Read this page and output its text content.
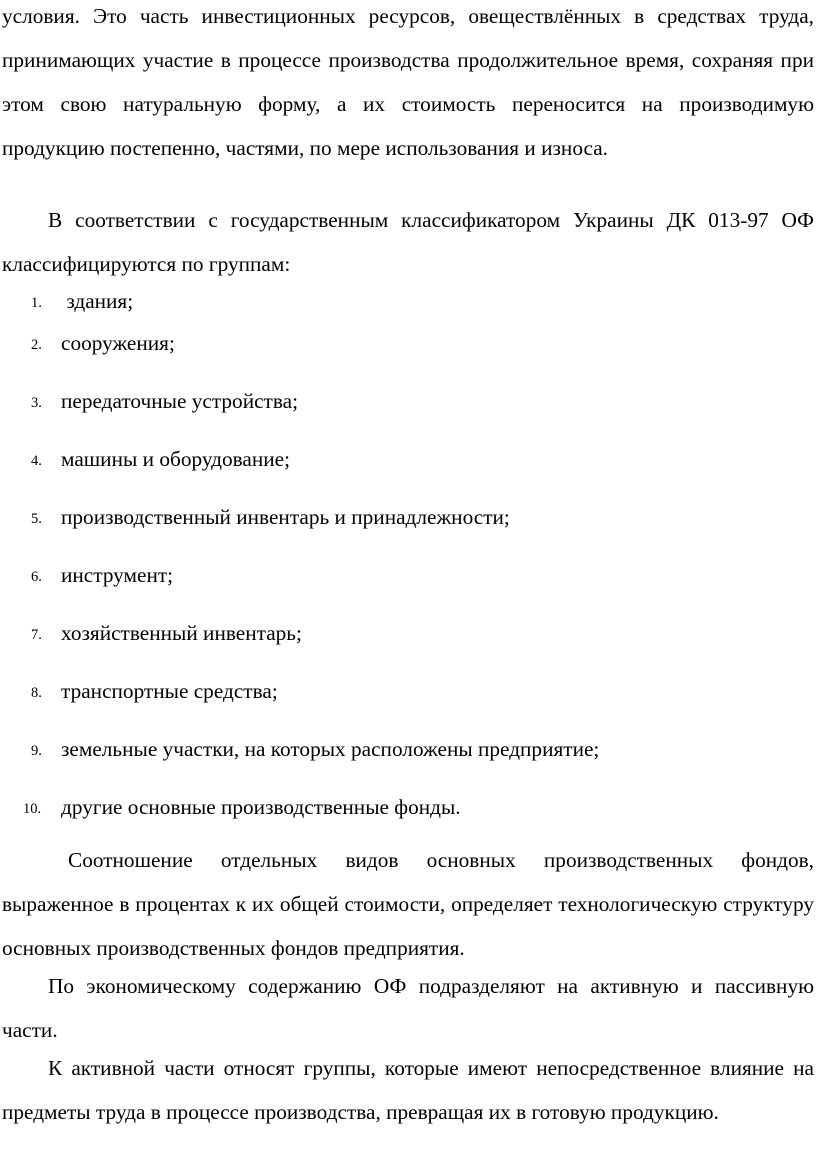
условия. Это часть инвестиционных ресурсов, овеществлённых в средствах труда, принимающих участие в процессе производства продолжительное время, сохраняя при этом свою натуральную форму, а их стоимость переносится на производимую продукцию постепенно, частями, по мере использования и износа.

В соответствии с государственным классификатором Украины ДК 013-97 ОФ классифицируются по группам:

1. здания;
2. сооружения;
3. передаточные устройства;
4. машины и оборудование;
5. производственный инвентарь и принадлежности;
6. инструмент;
7. хозяйственный инвентарь;
8. транспортные средства;
9. земельные участки, на которых расположены предприятие;
10. другие основные производственные фонды.

Соотношение отдельных видов основных производственных фондов, выраженное в процентах к их общей стоимости, определяет технологическую структуру основных производственных фондов предприятия.

По экономическому содержанию ОФ подразделяют на активную и пассивную части.

К активной части относят группы, которые имеют непосредственное влияние на предметы труда в процессе производства, превращая их в готовую продукцию.
